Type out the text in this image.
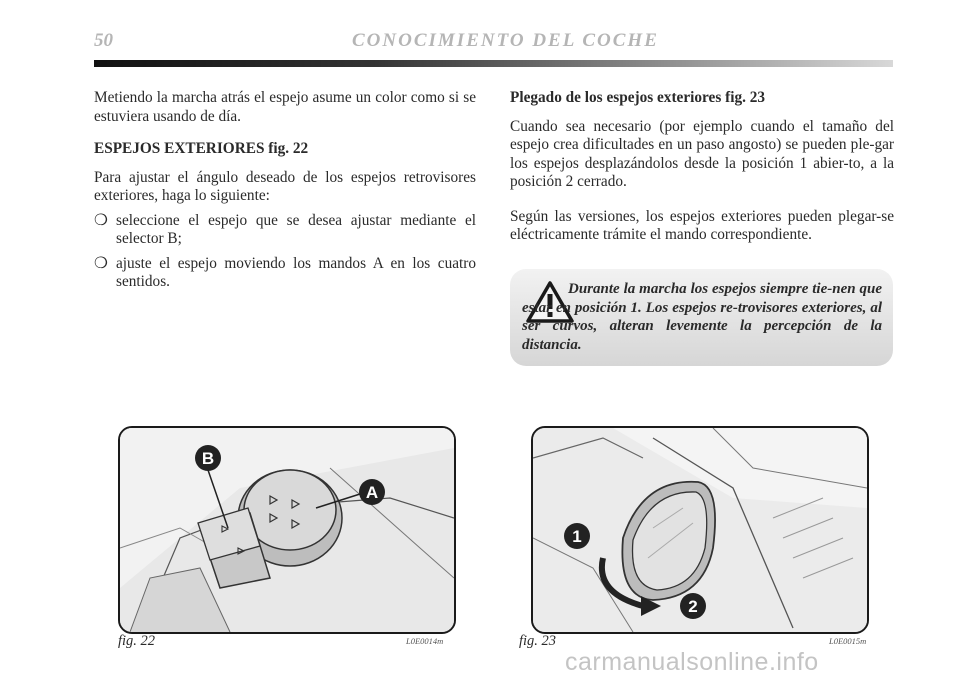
50	CONOCIMIENTO DEL COCHE

Metiendo la marcha atrás el espejo asume un color como si se estuviera usando de día.

ESPEJOS EXTERIORES fig. 22

Para ajustar el ángulo deseado de los espejos retrovisores exteriores, haga lo siguiente:

❍ seleccione el espejo que se desea ajustar mediante el selector B;
❍ ajuste el espejo moviendo los mandos A en los cuatro sentidos.
Plegado de los espejos exteriores fig. 23

Cuando sea necesario (por ejemplo cuando el tamaño del espejo crea dificultades en un paso angosto) se pueden ple-gar los espejos desplazándolos desde la posición 1 abier-to, a la posición 2 cerrado.

Según las versiones, los espejos exteriores pueden plegar-se eléctricamente trámite el mando correspondiente.

Durante la marcha los espejos siempre tie-nen que estar en posición 1. Los espejos re-trovisores exteriores, al ser curvos, alteran levemente la percepción de la distancia.
B
A
fig. 22	L0E0014m
1
2
fig. 23	L0E0015m
carmanualsonline.info
